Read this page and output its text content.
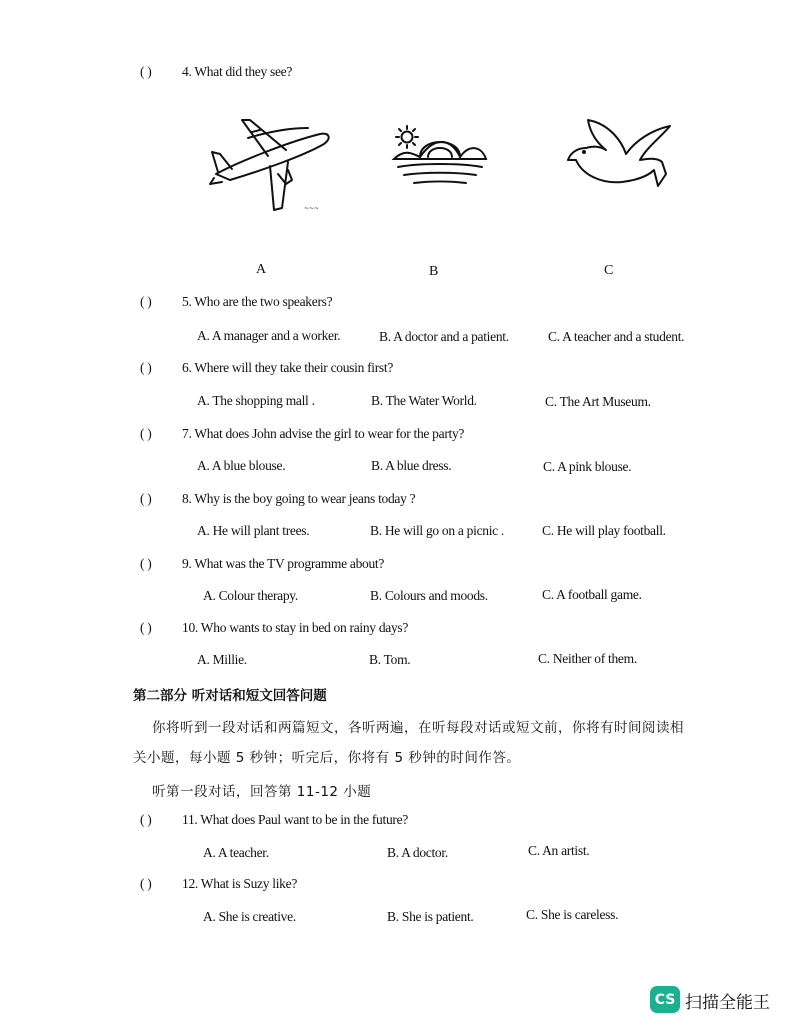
( ) 4. What did they see?
~~~
A	B	C
( ) 5. Who are the two speakers?
A. A manager and a worker.	B. A doctor and a patient.	C. A teacher and a student.
( ) 6. Where will they take their cousin first?
A. The shopping mall .	B. The Water World.	C. The Art Museum.
( ) 7. What does John advise the girl to wear for the party?
A. A blue blouse.	B. A blue dress.	C. A pink blouse.
( ) 8. Why is the boy going to wear jeans today ?
A. He will plant trees.	B. He will go on a picnic .	C. He will play football.
( ) 9. What was the TV programme about?
A. Colour therapy.	B. Colours and moods.	C. A football game.
( ) 10. Who wants to stay in bed on rainy days?
A. Millie.	B. Tom.	C. Neither of them.
第二部分 听对话和短文回答问题
你将听到一段对话和两篇短文，各听两遍，在听每段对话或短文前，你将有时间阅读相
关小题，每小题 5 秒钟；听完后，你将有 5 秒钟的时间作答。
听第一段对话，回答第 11-12 小题
( ) 11. What does Paul want to be in the future?
A. A teacher.	B. A doctor.	C. An artist.
( ) 12. What is Suzy like?
A. She is creative.	B. She is patient.	C. She is careless.
CS 扫描全能王
